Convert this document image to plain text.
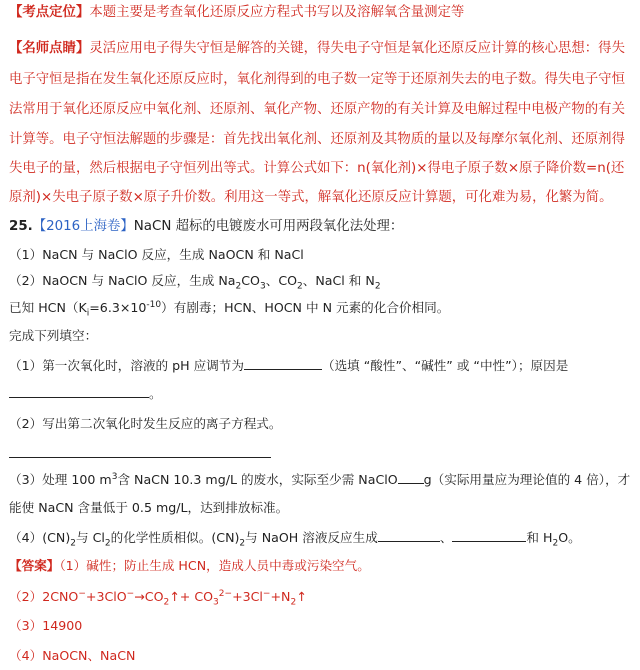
【考点定位】本题主要是考查氧化还原反应方程式书写以及溶解氧含量测定等
【名师点睛】灵活应用电子得失守恒是解答的关键，得失电子守恒是氧化还原反应计算的核心思想：得失
电子守恒是指在发生氧化还原反应时，氧化剂得到的电子数一定等于还原剂失去的电子数。得失电子守恒
法常用于氧化还原反应中氧化剂、还原剂、氧化产物、还原产物的有关计算及电解过程中电极产物的有关
计算等。电子守恒法解题的步骤是：首先找出氧化剂、还原剂及其物质的量以及每摩尔氧化剂、还原剂得
失电子的量，然后根据电子守恒列出等式。计算公式如下：n(氧化剂)×得电子原子数×原子降价数=n(还
原剂)×失电子原子数×原子升价数。利用这一等式，解氧化还原反应计算题，可化难为易，化繁为简。
25.【2016上海卷】NaCN 超标的电镀废水可用两段氧化法处理：
（1）NaCN 与 NaClO 反应，生成 NaOCN 和 NaCl
（2）NaOCN 与 NaClO 反应，生成 $Na_2CO_3$、$CO_2$、NaCl 和 $N_2$
已知 $HCN(K_i=6.3\times 10^{-10})$有剧毒；HCN、HOCN 中 N 元素的化合价相同。
完成下列填空：
（1）第一次氧化时，溶液的 pH 应调节为	（选填 “酸性”、“碱性” 或 “中性”）；原因是
。
（2）写出第二次氧化时发生反应的离子方程式。
（3）处理 100 $m^3$含 NaCN 10.3 mg/L 的废水，实际至少需 NaClO g（实际用量应为理论值的 4 倍），才
能使 NaCN 含量低于 0.5 mg/L，达到排放标准。
$(4)(CN)_2$与 $Cl_2$的化学性质相似。$(CN)_2$与 NaOH 溶液反应生成	、	和 $H_2O$。
【答案】（1）碱性；防止生成 HCN，造成人员中毒或污染空气。
$(2)2CNO^-+3ClO^-\to CO_2↑+$ $CO_3^{2-}+3Cl^-+N_2↑$
（3）14900
（4）NaOCN、NaCN
